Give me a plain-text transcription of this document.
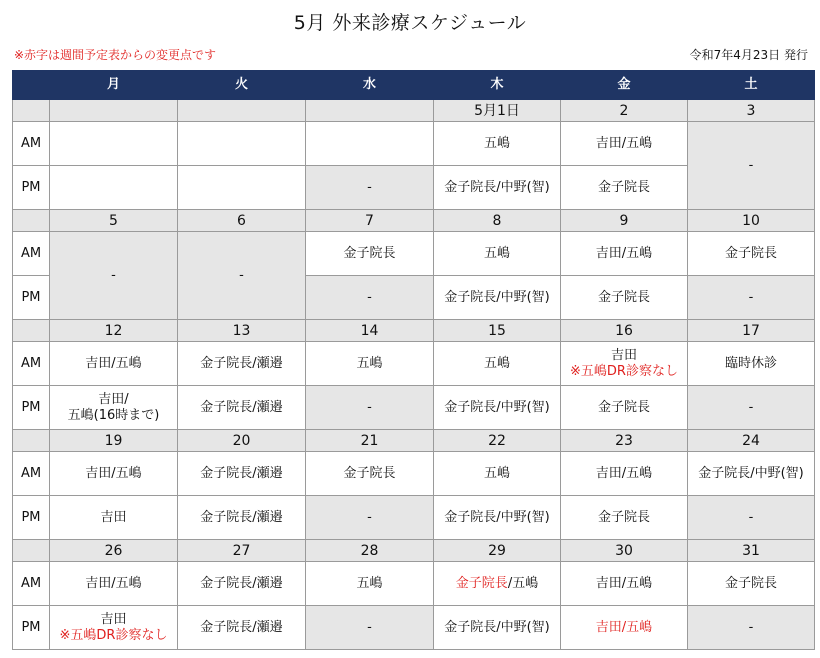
5月 外来診療スケジュール
※赤字は週間予定表からの変更点です	令和7年4月23日 発行
	月	火	水	木	金	土
				5月1日	2	3
AM				五嶋	吉田/五嶋	-
PM			-	金子院長/中野(智)	金子院長	
	5	6	7	8	9	10
AM	-	-	金子院長	五嶋	吉田/五嶋	金子院長
PM			-	金子院長/中野(智)	金子院長	-
	12	13	14	15	16	17
AM	吉田/五嶋	金子院長/瀬邉	五嶋	五嶋	吉田
※五嶋DR診察なし	臨時休診
PM	吉田/
五嶋(16時まで)	金子院長/瀬邉	-	金子院長/中野(智)	金子院長	-
	19	20	21	22	23	24
AM	吉田/五嶋	金子院長/瀬邉	金子院長	五嶋	吉田/五嶋	金子院長/中野(智)
PM	吉田	金子院長/瀬邉	-	金子院長/中野(智)	金子院長	-
	26	27	28	29	30	31
AM	吉田/五嶋	金子院長/瀬邉	五嶋	金子院長/五嶋	吉田/五嶋	金子院長
PM	吉田
※五嶋DR診察なし	金子院長/瀬邉	-	金子院長/中野(智)	吉田/五嶋	-
